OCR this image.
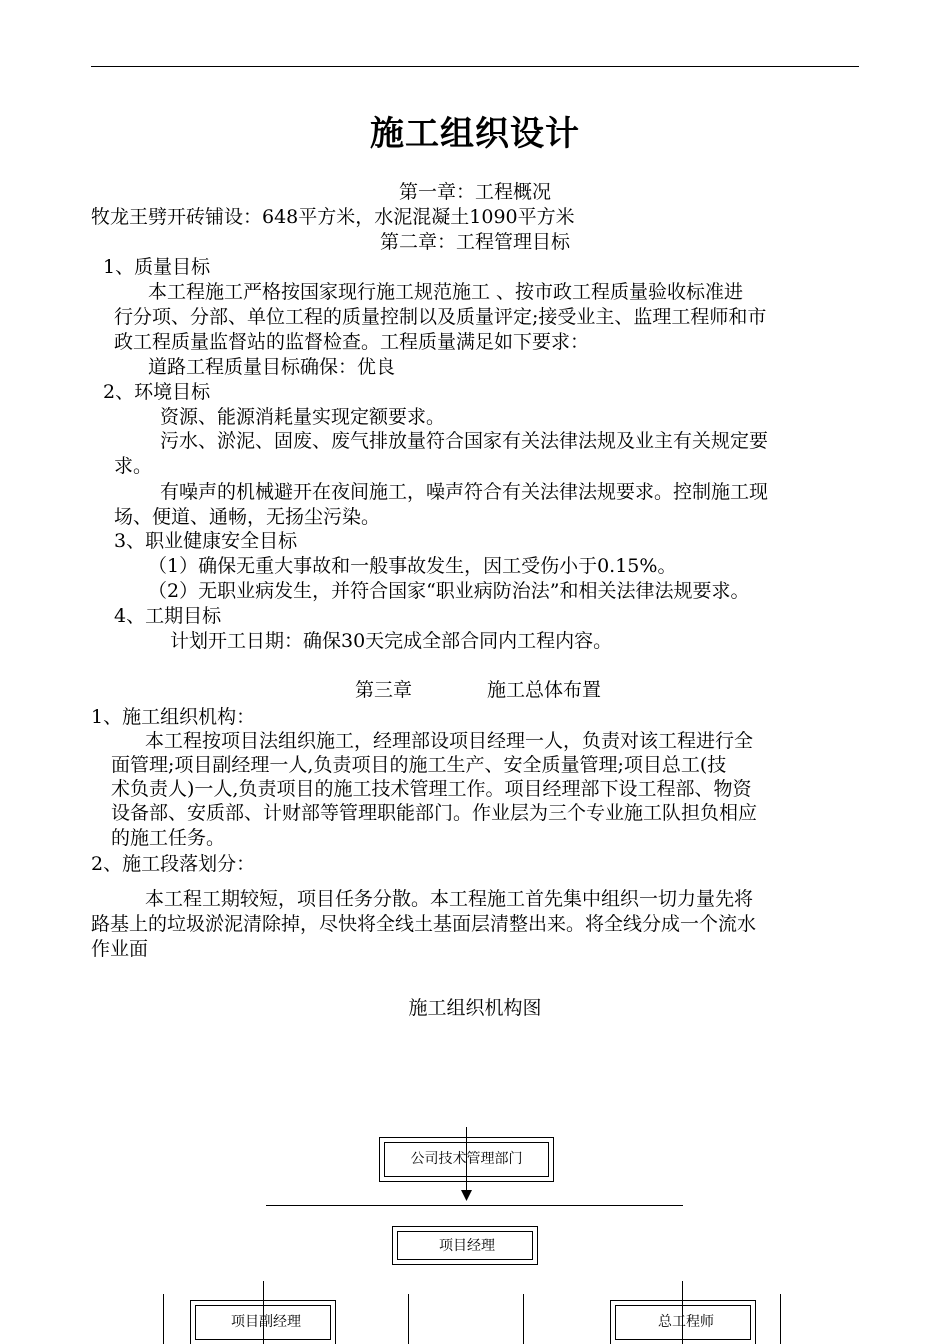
施工组织设计
第一章：工程概况
牧龙王劈开砖铺设：648平方米，水泥混凝土1090平方米
第二章：工程管理目标
1、质量目标
本工程施工严格按国家现行施工规范施工 、按市政工程质量验收标准进
行分项、分部、单位工程的质量控制以及质量评定;接受业主、监理工程师和市
政工程质量监督站的监督检查。工程质量满足如下要求：
道路工程质量目标确保：优良
2、环境目标
资源、能源消耗量实现定额要求。
污水、淤泥、固废、废气排放量符合国家有关法律法规及业主有关规定要
求。
有噪声的机械避开在夜间施工，噪声符合有关法律法规要求。控制施工现
场、便道、通畅，无扬尘污染。
3、职业健康安全目标
（1）确保无重大事故和一般事故发生，因工受伤小于0.15%。
（2）无职业病发生，并符合国家“职业病防治法”和相关法律法规要求。
4、工期目标
计划开工日期：确保30天完成全部合同内工程内容。
第三章	施工总体布置
1、施工组织机构：
本工程按项目法组织施工，经理部设项目经理一人，负责对该工程进行全
面管理;项目副经理一人,负责项目的施工生产、安全质量管理;项目总工(技
术负责人)一人,负责项目的施工技术管理工作。项目经理部下设工程部、物资
设备部、安质部、计财部等管理职能部门。作业层为三个专业施工队担负相应
的施工任务。
2、施工段落划分：
本工程工期较短，项目任务分散。本工程施工首先集中组织一切力量先将
路基上的垃圾淤泥清除掉，尽快将全线土基面层清整出来。将全线分成一个流水
作业面
施工组织机构图
公司技术管理部门
项目经理
项目副经理	总工程师
